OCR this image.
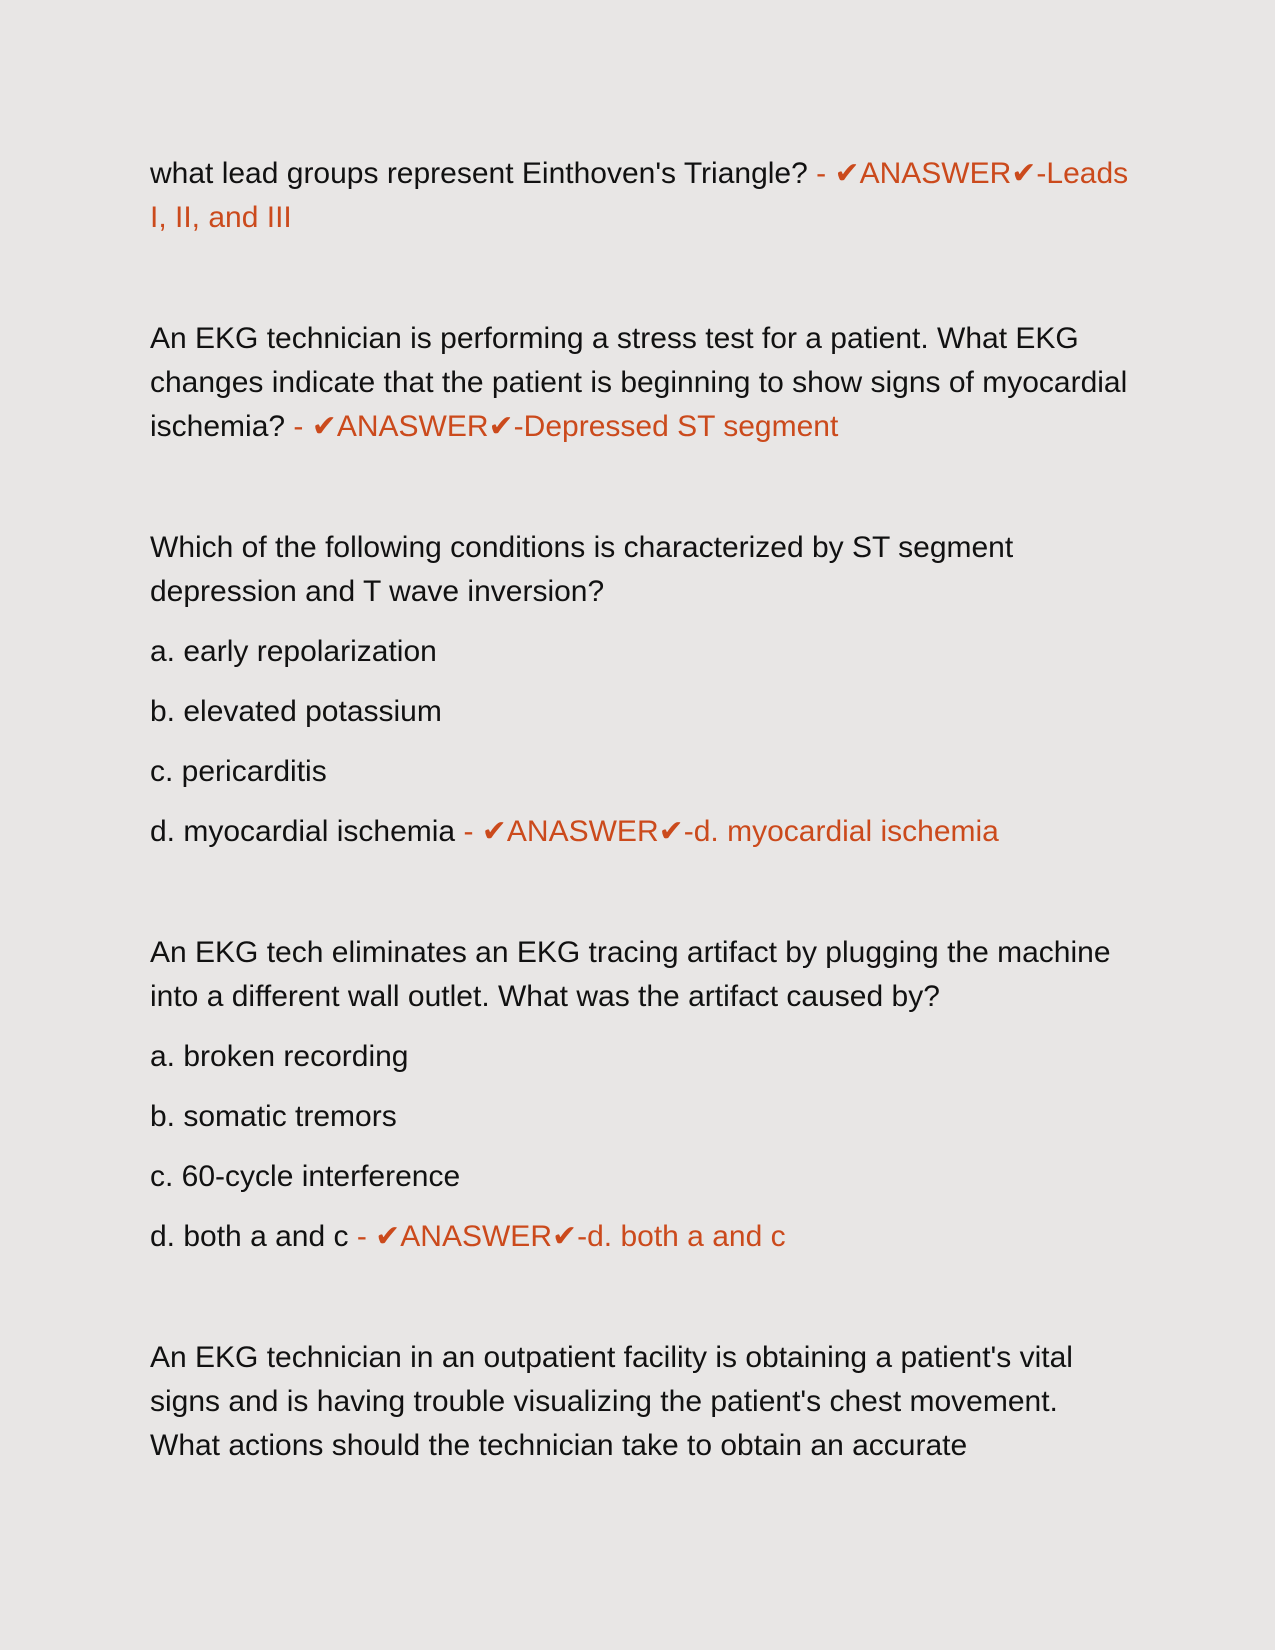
what lead groups represent Einthoven's Triangle? - ✔ANASWER✔-Leads I, II, and III

An EKG technician is performing a stress test for a patient. What EKG changes indicate that the patient is beginning to show signs of myocardial ischemia? - ✔ANASWER✔-Depressed ST segment

Which of the following conditions is characterized by ST segment depression and T wave inversion?

a. early repolarization

b. elevated potassium

c. pericarditis

d. myocardial ischemia - ✔ANASWER✔-d. myocardial ischemia

An EKG tech eliminates an EKG tracing artifact by plugging the machine into a different wall outlet. What was the artifact caused by?

a. broken recording

b. somatic tremors

c. 60-cycle interference

d. both a and c - ✔ANASWER✔-d. both a and c

An EKG technician in an outpatient facility is obtaining a patient's vital signs and is having trouble visualizing the patient's chest movement. What actions should the technician take to obtain an accurate
